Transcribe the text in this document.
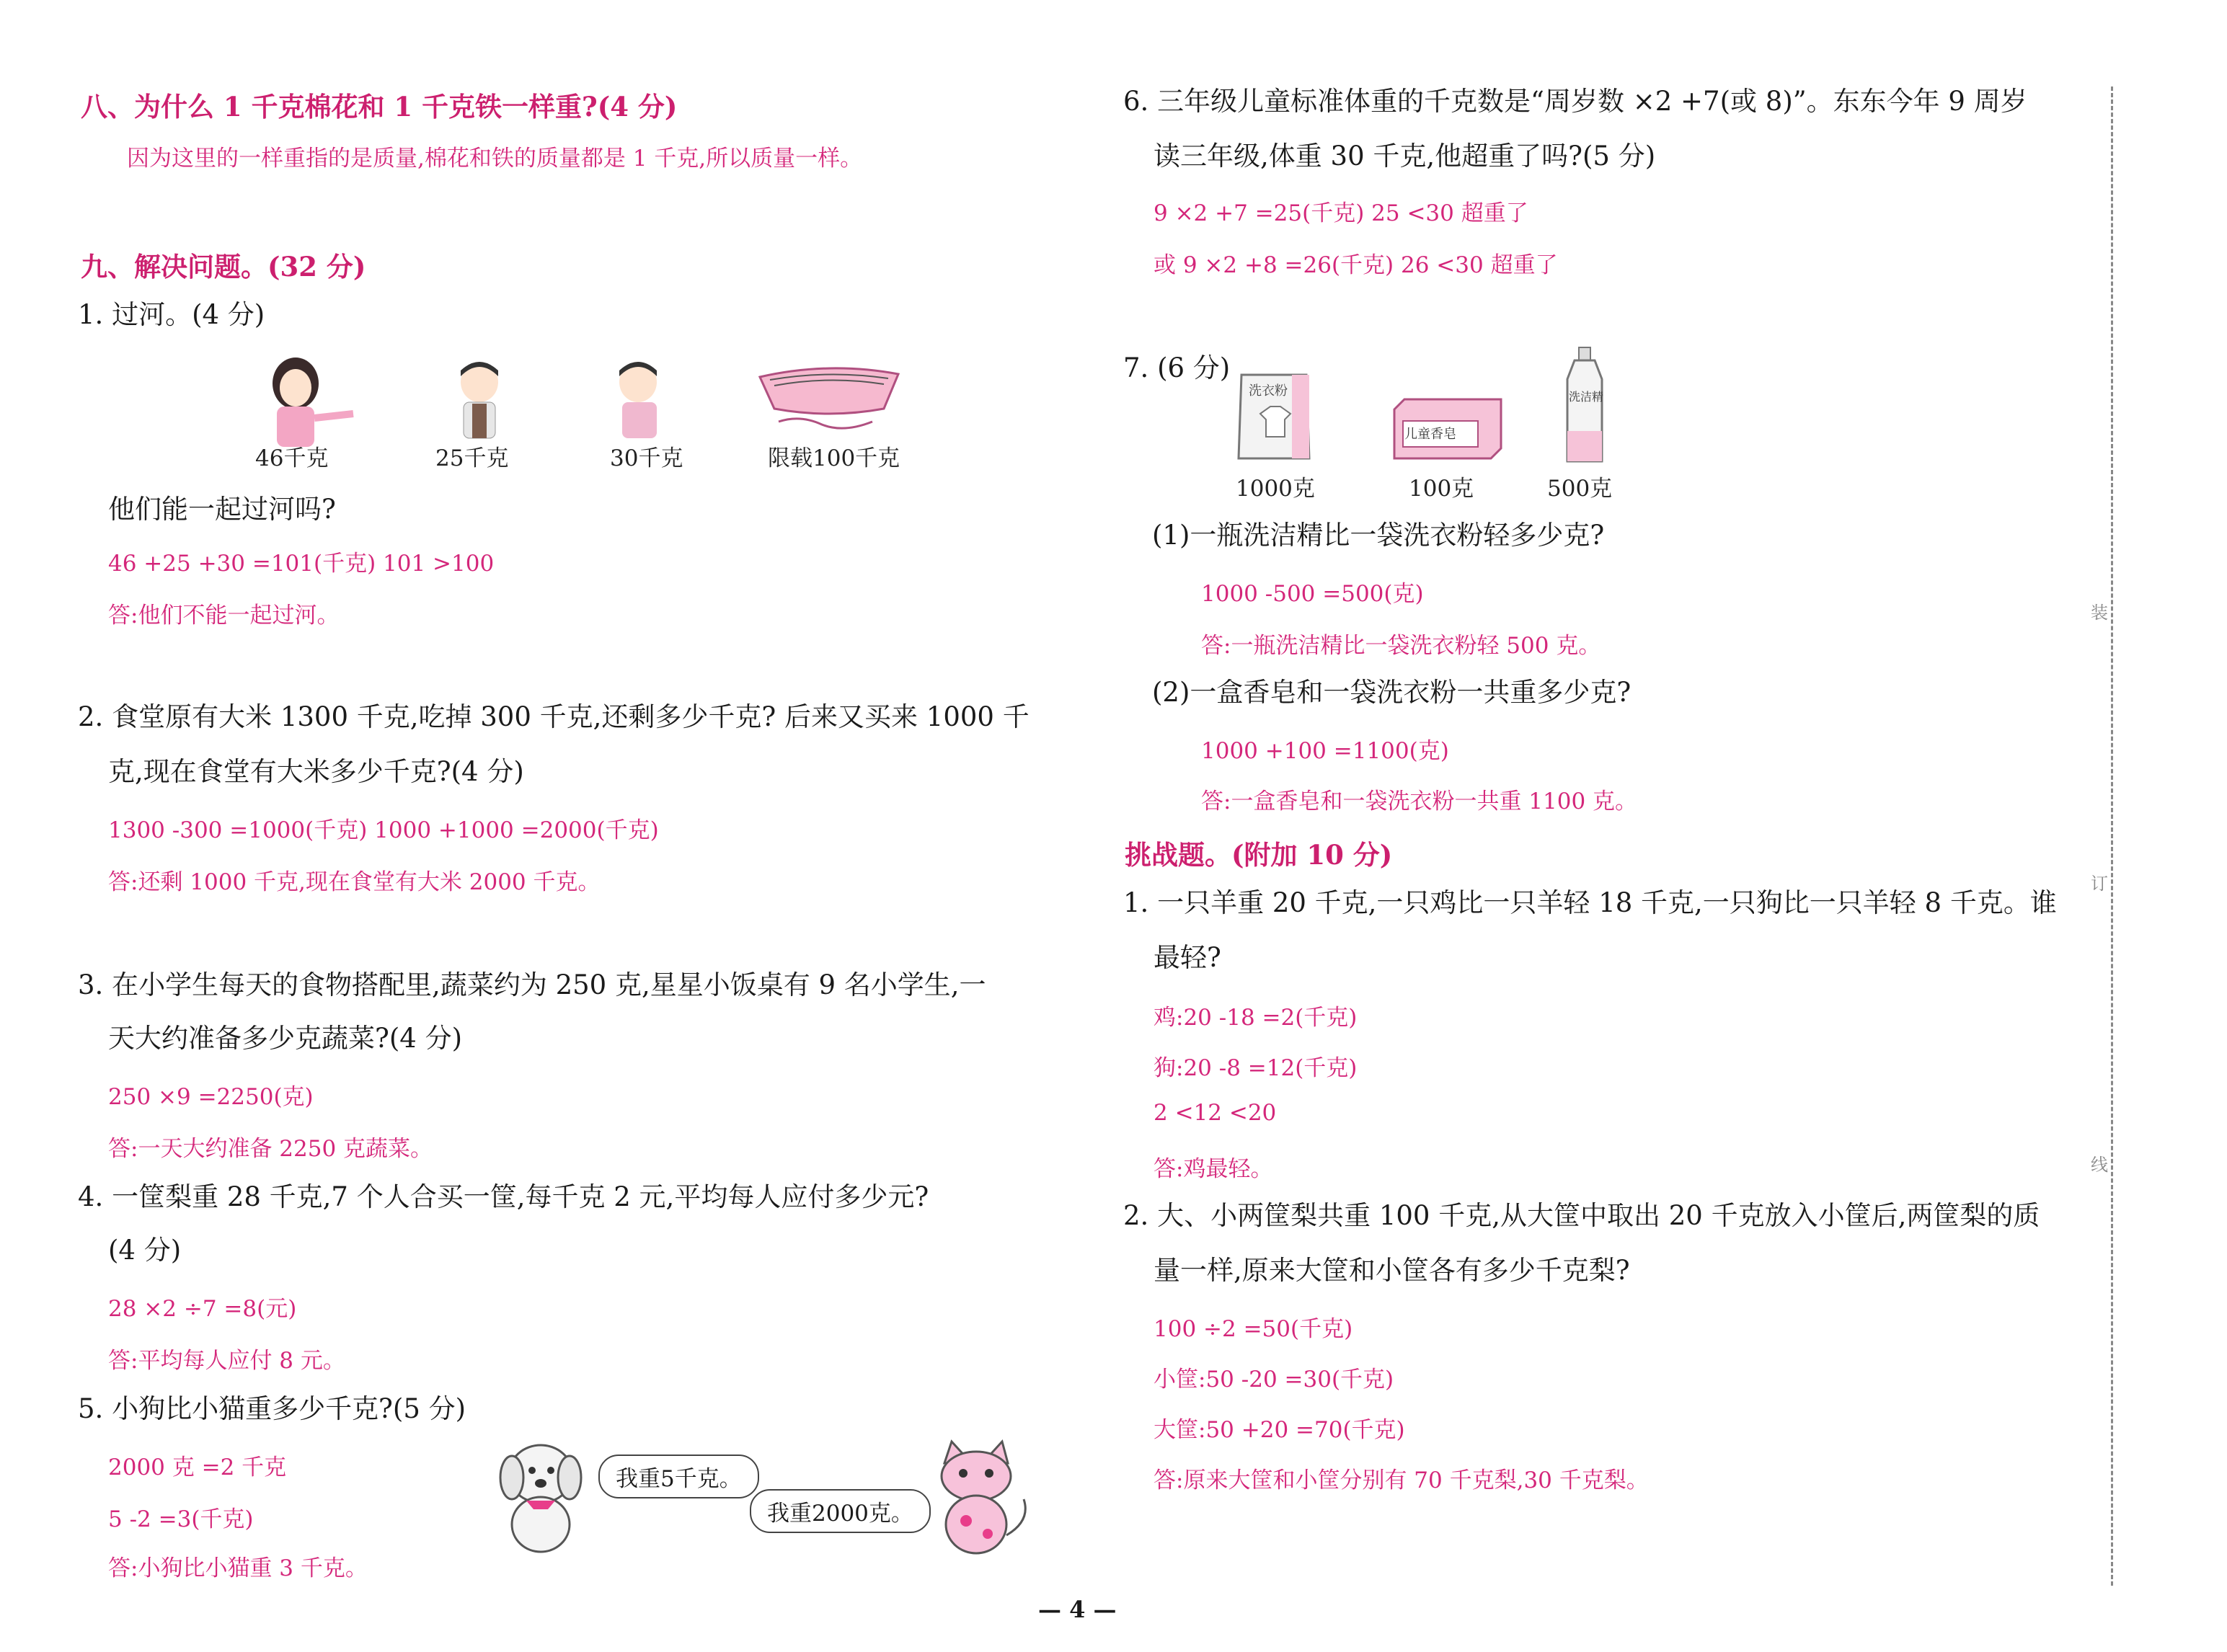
八、为什么 1 千克棉花和 1 千克铁一样重?(4 分)
因为这里的一样重指的是质量,棉花和铁的质量都是 1 千克,所以质量一样。
九、解决问题。(32 分)
1. 过河。(4 分)
46千克	25千克	30千克	限载100千克
他们能一起过河吗?
46 +25 +30 =101(千克) 101 >100
答:他们不能一起过河。
2. 食堂原有大米 1300 千克,吃掉 300 千克,还剩多少千克? 后来又买来 1000 千
克,现在食堂有大米多少千克?(4 分)
1300 -300 =1000(千克) 1000 +1000 =2000(千克)
答:还剩 1000 千克,现在食堂有大米 2000 千克。
3. 在小学生每天的食物搭配里,蔬菜约为 250 克,星星小饭桌有 9 名小学生,一
天大约准备多少克蔬菜?(4 分)
250 ×9 =2250(克)
答:一天大约准备 2250 克蔬菜。
4. 一筐梨重 28 千克,7 个人合买一筐,每千克 2 元,平均每人应付多少元?
(4 分)
28 ×2 ÷7 =8(元)
答:平均每人应付 8 元。
5. 小狗比小猫重多少千克?(5 分)
2000 克 =2 千克
5 -2 =3(千克)
答:小狗比小猫重 3 千克。
我重5千克。
我重2000克。
6. 三年级儿童标准体重的千克数是“周岁数 ×2 +7(或 8)”。东东今年 9 周岁
读三年级,体重 30 千克,他超重了吗?(5 分)
9 ×2 +7 =25(千克) 25 <30 超重了
或 9 ×2 +8 =26(千克) 26 <30 超重了
7. (6 分)
洗衣粉
儿童香皂
洗洁精
1000克	100克	500克
(1)一瓶洗洁精比一袋洗衣粉轻多少克?
1000 -500 =500(克)
答:一瓶洗洁精比一袋洗衣粉轻 500 克。
(2)一盒香皂和一袋洗衣粉一共重多少克?
1000 +100 =1100(克)
答:一盒香皂和一袋洗衣粉一共重 1100 克。
挑战题。(附加 10 分)
1. 一只羊重 20 千克,一只鸡比一只羊轻 18 千克,一只狗比一只羊轻 8 千克。谁
最轻?
鸡:20 -18 =2(千克)
狗:20 -8 =12(千克)
2 <12 <20
答:鸡最轻。
2. 大、小两筐梨共重 100 千克,从大筐中取出 20 千克放入小筐后,两筐梨的质
量一样,原来大筐和小筐各有多少千克梨?
100 ÷2 =50(千克)
小筐:50 -20 =30(千克)
大筐:50 +20 =70(千克)
答:原来大筐和小筐分别有 70 千克梨,30 千克梨。
装
订
线
— 4 —
